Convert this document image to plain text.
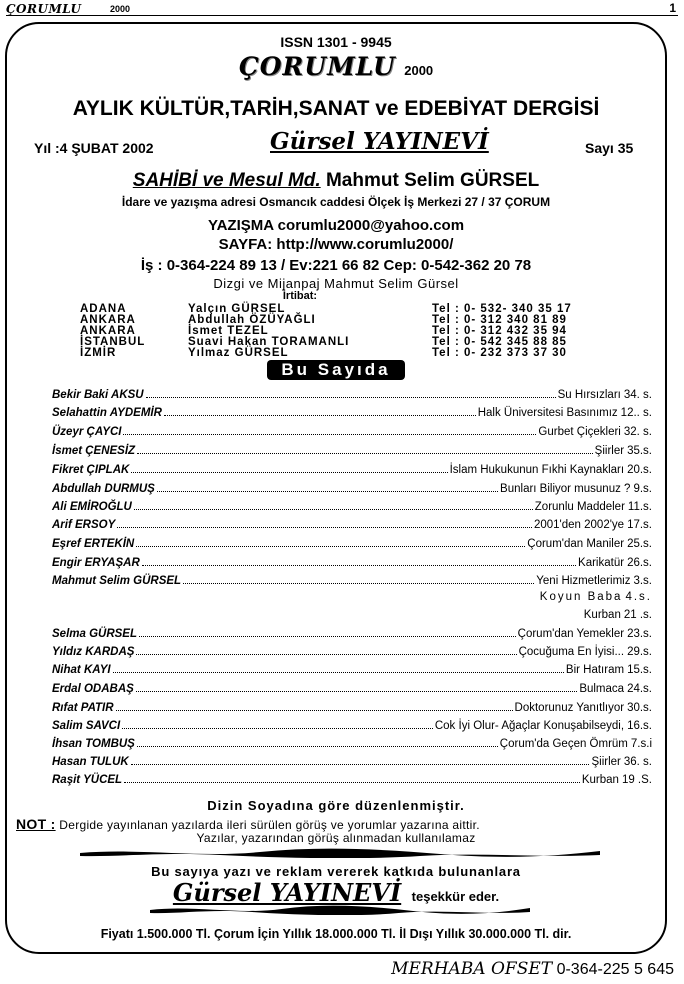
ÇORUMLU	2000	1
ISSN 1301 - 9945
ÇORUMLU 2000
AYLIK KÜLTÜR,TARİH,SANAT ve EDEBİYAT DERGİSİ
Yıl :4 ŞUBAT 2002	Gürsel YAYINEVİ	Sayı 35
SAHİBİ ve Mesul Md. Mahmut Selim GÜRSEL
İdare ve yazışma adresi Osmancık caddesi Ölçek İş Merkezi 27 / 37 ÇORUM
YAZIŞMA corumlu2000@yahoo.com
SAYFA: http://www.corumlu2000/
İş : 0-364-224 89 13 / Ev:221 66 82 Cep: 0-542-362 20 78
Dizgi ve Mijanpaj Mahmut Selim Gürsel
İrtibat:
ADANA	Yalçın GÜRSEL	Tel : 0- 532- 340 35 17
ANKARA	Abdullah ÖZÜYAĞLI	Tel : 0- 312 340 81 89
ANKARA	İsmet TEZEL	Tel : 0- 312 432 35 94
İSTANBUL	Suavi Hakan TORAMANLI	Tel : 0- 542 345 88 85
İZMİR	Yılmaz GÜRSEL	Tel : 0- 232 373 37 30
Bu Sayıda
Bekir Baki AKSU	Su Hırsızları 34. s.
Selahattin AYDEMİR	Halk Üniversitesi Basınımız 12.. s.
Üzeyr ÇAYCI	Gurbet Çiçekleri 32. s.
İsmet ÇENESİZ	Şiirler 35.s.
Fikret ÇIPLAK	İslam Hukukunun Fıkhi Kaynakları 20.s.
Abdullah DURMUŞ	Bunları Biliyor musunuz ? 9.s.
Ali EMİROĞLU	Zorunlu Maddeler 11.s.
Arif ERSOY	2001'den 2002'ye 17.s.
Eşref ERTEKİN	Çorum'dan Maniler 25.s.
Engir ERYAŞAR	Karikatür 26.s.
Mahmut Selim GÜRSEL	Yeni Hizmetlerimiz 3.s.
Koyun Baba 4.s.
Kurban 21 .s.
Selma GÜRSEL	Çorum'dan Yemekler 23.s.
Yıldız KARDAŞ	Çocuğuma En İyisi... 29.s.
Nihat KAYI	Bir Hatıram 15.s.
Erdal ODABAŞ	Bulmaca 24.s.
Rıfat PATIR	Doktorunuz Yanıtlıyor 30.s.
Salim SAVCI	Cok İyi Olur- Ağaçlar Konuşabilseydi, 16.s.
İhsan TOMBUŞ	Çorum'da Geçen Ömrüm 7.s.i
Hasan TULUK	Şiirler 36. s.
Raşit YÜCEL	Kurban 19 .S.
Dizin Soyadına göre düzenlenmiştir.
NOT : Dergide yayınlanan yazılarda ileri sürülen görüş ve yorumlar yazarına aittir.
Yazılar, yazarından görüş alınmadan kullanılamaz
Bu sayıya yazı ve reklam vererek katkıda bulunanlara
Gürsel YAYINEVİ teşekkür eder.
Fiyatı 1.500.000 Tl. Çorum İçin Yıllık 18.000.000 Tl. İl Dışı Yıllık 30.000.000 Tl. dir.
MERHABA OFSET 0-364-225 5 645
